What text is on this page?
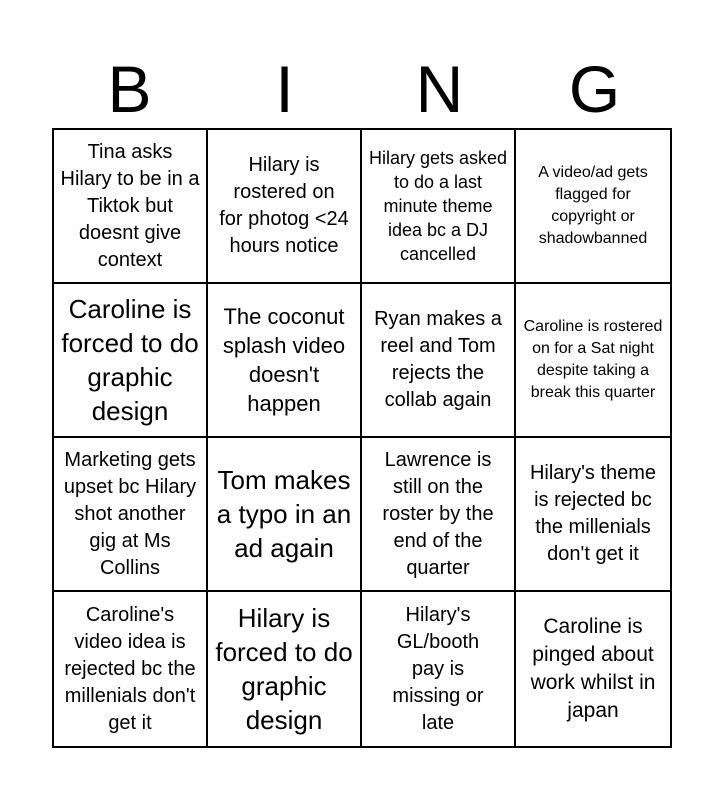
B	I	N	G
Tina asks Hilary to be in a Tiktok but doesnt give context
Hilary is rostered on for photog <24 hours notice
Hilary gets asked to do a last minute theme idea bc a DJ cancelled
A video/ad gets flagged for copyright or shadowbanned
Caroline is forced to do graphic design
The coconut splash video doesn't happen
Ryan makes a reel and Tom rejects the collab again
Caroline is rostered on for a Sat night despite taking a break this quarter
Marketing gets upset bc Hilary shot another gig at Ms Collins
Tom makes a typo in an ad again
Lawrence is still on the roster by the end of the quarter
Hilary's theme is rejected bc the millenials don't get it
Caroline's video idea is rejected bc the millenials don't get it
Hilary is forced to do graphic design
Hilary's GL/booth pay is missing or late
Caroline is pinged about work whilst in japan
